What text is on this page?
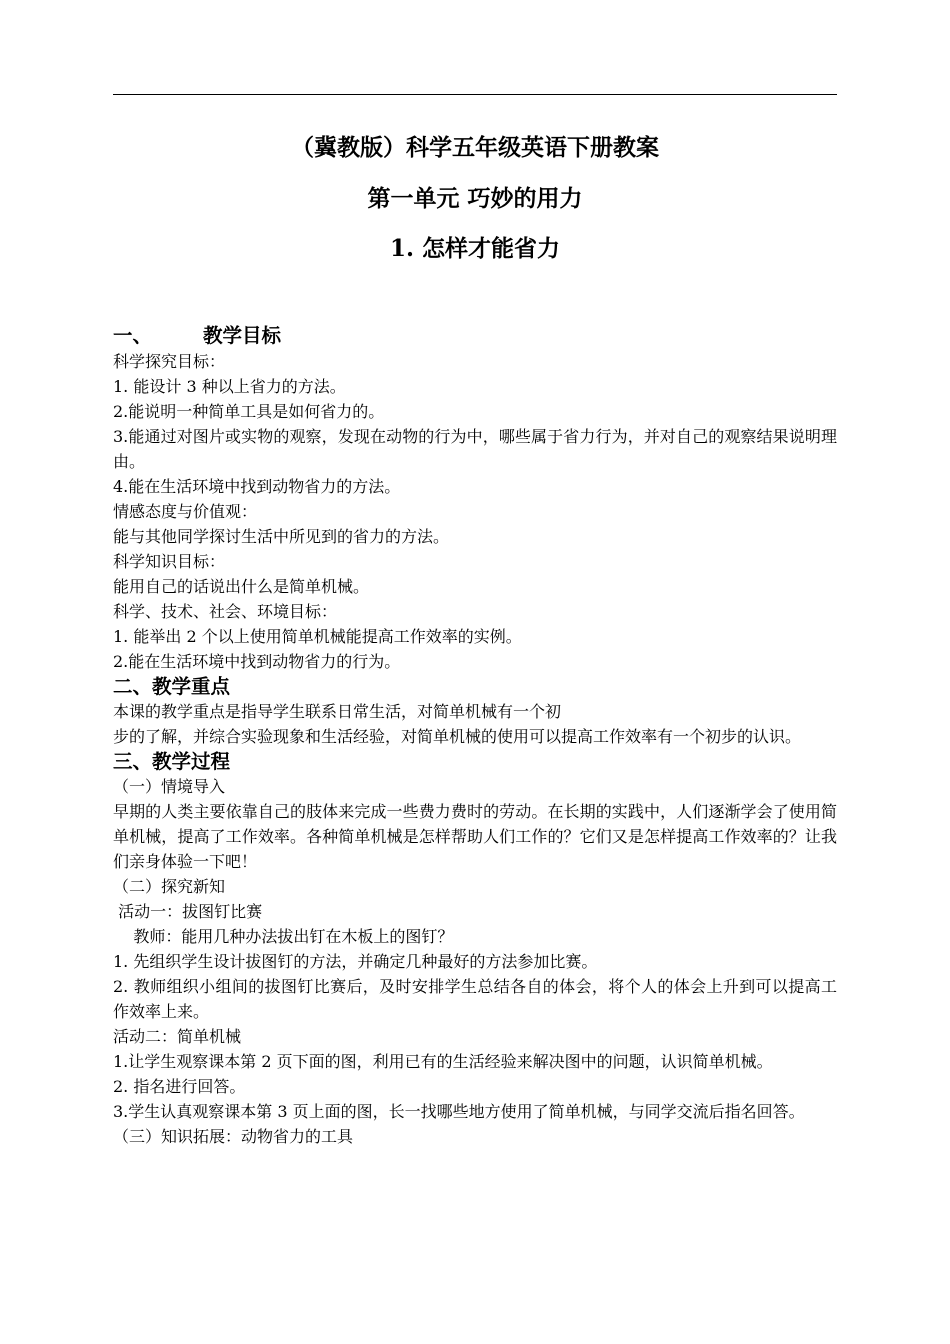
（冀教版）科学五年级英语下册教案
第一单元 巧妙的用力
1. 怎样才能省力
一、	教学目标
科学探究目标：
1. 能设计 3 种以上省力的方法。
2.能说明一种简单工具是如何省力的。
3.能通过对图片或实物的观察，发现在动物的行为中，哪些属于省力行为，并对自己的观察结果说明理由。
4.能在生活环境中找到动物省力的方法。
情感态度与价值观：
能与其他同学探讨生活中所见到的省力的方法。
科学知识目标：
能用自己的话说出什么是简单机械。
科学、技术、社会、环境目标：
1. 能举出 2 个以上使用简单机械能提高工作效率的实例。
2.能在生活环境中找到动物省力的行为。
二、教学重点
本课的教学重点是指导学生联系日常生活，对简单机械有一个初
步的了解，并综合实验现象和生活经验，对简单机械的使用可以提高工作效率有一个初步的认识。
三、教学过程
（一）情境导入
早期的人类主要依靠自己的肢体来完成一些费力费时的劳动。在长期的实践中，人们逐渐学会了使用简单机械，提高了工作效率。各种简单机械是怎样帮助人们工作的？它们又是怎样提高工作效率的？让我们亲身体验一下吧！
（二）探究新知
活动一：拔图钉比赛
教师：能用几种办法拔出钉在木板上的图钉？
1. 先组织学生设计拔图钉的方法，并确定几种最好的方法参加比赛。
2. 教师组织小组间的拔图钉比赛后，及时安排学生总结各自的体会，将个人的体会上升到可以提高工作效率上来。
活动二：简单机械
1.让学生观察课本第 2 页下面的图，利用已有的生活经验来解决图中的问题，认识简单机械。
2. 指名进行回答。
3.学生认真观察课本第 3 页上面的图，长一找哪些地方使用了简单机械，与同学交流后指名回答。
（三）知识拓展：动物省力的工具
